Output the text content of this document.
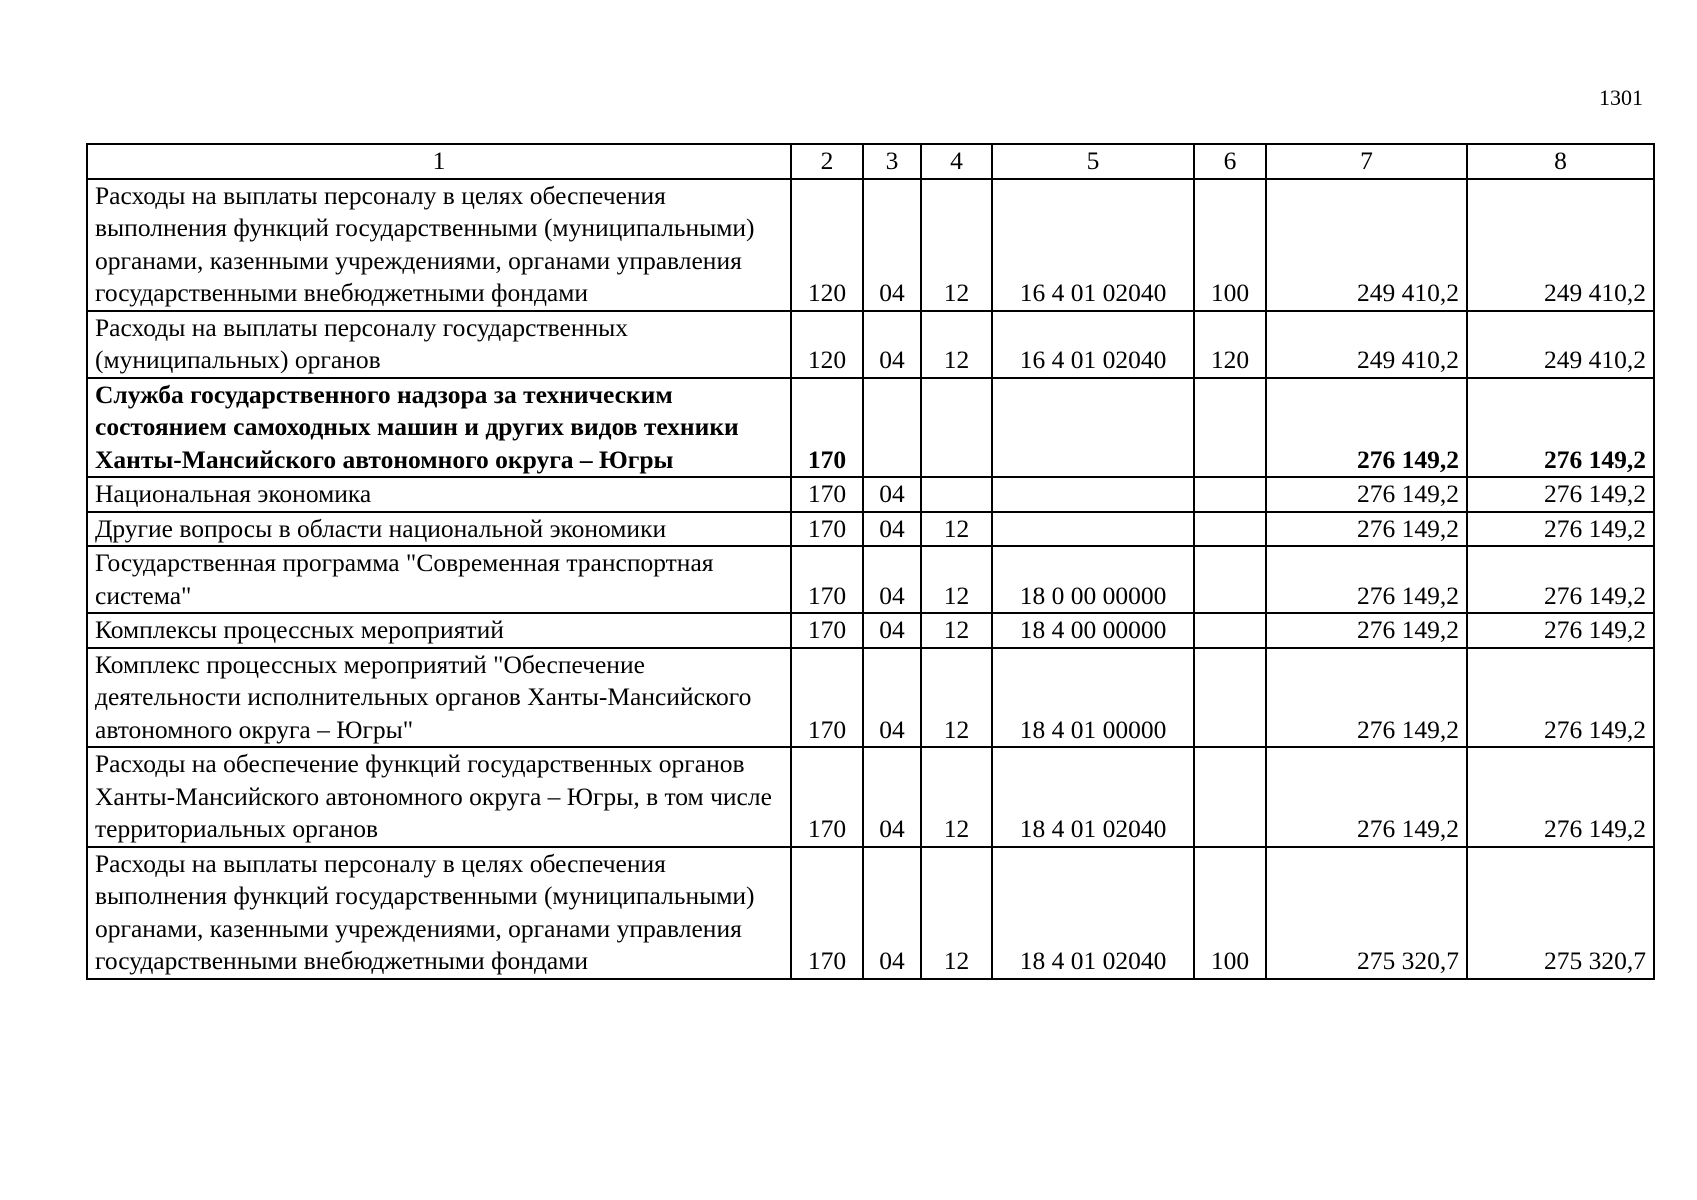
1301
1	2	3	4	5	6	7	8
Расходы на выплаты персоналу в целях обеспечения выполнения функций государственными (муниципальными) органами, казенными учреждениями, органами управления государственными внебюджетными фондами	120	04	12	16 4 01 02040	100	249 410,2	249 410,2
Расходы на выплаты персоналу государственных (муниципальных) органов	120	04	12	16 4 01 02040	120	249 410,2	249 410,2
Служба государственного надзора за техническим состоянием самоходных машин и других видов техники Ханты-Мансийского автономного округа – Югры	170					276 149,2	276 149,2
Национальная экономика	170	04				276 149,2	276 149,2
Другие вопросы в области национальной экономики	170	04	12			276 149,2	276 149,2
Государственная программа "Современная транспортная система"	170	04	12	18 0 00 00000		276 149,2	276 149,2
Комплексы процессных мероприятий	170	04	12	18 4 00 00000		276 149,2	276 149,2
Комплекс процессных мероприятий "Обеспечение деятельности исполнительных органов Ханты-Мансийского автономного округа – Югры"	170	04	12	18 4 01 00000		276 149,2	276 149,2
Расходы на обеспечение функций государственных органов Ханты-Мансийского автономного округа – Югры, в том числе территориальных органов	170	04	12	18 4 01 02040		276 149,2	276 149,2
Расходы на выплаты персоналу в целях обеспечения выполнения функций государственными (муниципальными) органами, казенными учреждениями, органами управления государственными внебюджетными фондами	170	04	12	18 4 01 02040	100	275 320,7	275 320,7
